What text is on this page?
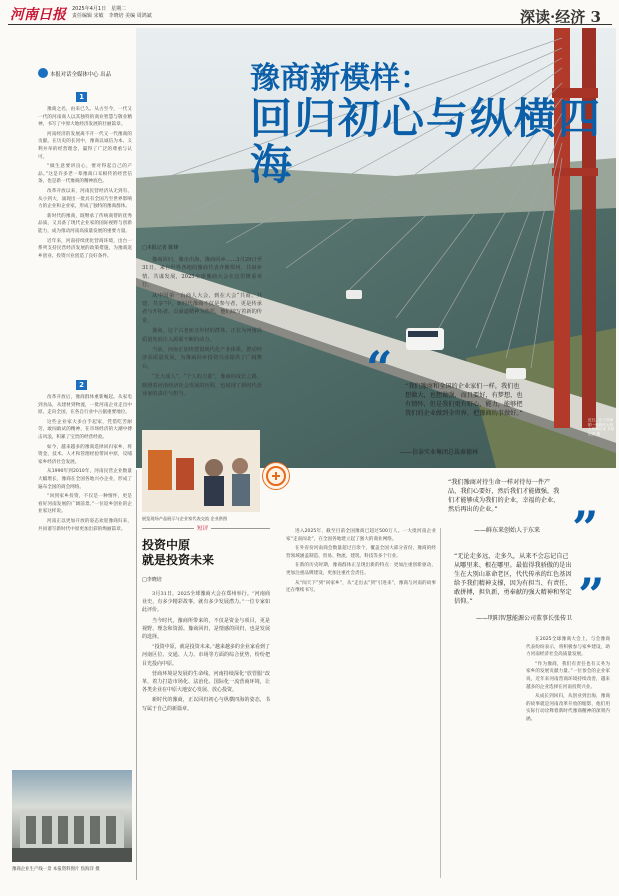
河南日报 2025年4月1日　星期二
责任编辑 宋敏　李晓培 美编 周鸿斌	深读·经济 3
近日，位于河南的一座跨河大桥上车辆往来 本报记者 摄
豫商新模样：
回归初心与纵横四海
本报对话全媒体中心 出品
1

豫商之名，由来已久。从古至今，一代又一代的河南商人以其独特的商业智慧与敬业精神，书写了中原大地经济发展的壮丽篇章。

河南经济的发展离不开一代又一代豫商的贡献。在历史的长河中，豫商以诚信为本、义利并举的经营理念，赢得了广泛的尊重与认可。

“做生意要讲良心，要对得起自己的产品。”这是许多老一辈豫商口耳相传的经营信条，也是新一代豫商的精神底色。

改革开放以来，河南民营经济从无到有、从小到大，涌现出一批具有全国乃至世界影响力的企业和企业家，形成了独特的豫商群体。

新时代的豫商，既继承了传统商帮的优秀品质，又具备了现代企业家的国际视野与创新能力，成为推动河南高质量发展的重要力量。

近年来，河南持续优化营商环境，出台一系列支持民营经济发展的政策措施，为豫商返乡创业、投资兴业创造了良好条件。

2

改革开放后，豫商群体重新崛起。从家电到食品，从建材到物流，一批河南企业走出中原、走向全国，在各自行业中占据重要地位。

这些企业家大多白手起家，凭借吃苦耐劳、敢闯敢试的精神，在市场经济的大潮中搏击风浪，积累了宝贵的经营经验。

如今，越来越多的豫商选择回归家乡，将资金、技术、人才和管理经验带回中原，反哺家乡经济社会发展。

从1990年到2010年，河南民营企业数量大幅增长，豫商在全国各地兴办企业，形成了遍布全国的商会网络。

“回到家乡投资，不仅是一种情怀，更是看好河南发展的广阔前景。”一位返乡创业的企业家这样说。

河南正以更加开放的姿态欢迎豫商归来，共同谱写新时代中原更加出彩的绚丽篇章。

豫商企业生产线一景 本报资料图片 焦海洋 摄
□本报记者 陈锋

豫商回归，豫企出海，豫商回乡……3月29日至31日，来自世界各地的豫商代表齐聚郑州，共叙乡情、共谋发展，2025全球豫商大会在这里隆重举行。

从中国第一台商人大会，到在大会“共商、共建、共享”中，新时代豫商不仅是参与者，更是传承者与开拓者。以商道精神为依托，他们续写着新的传奇。

豫商，这个古老而又年轻的群体，正在为河南高质量发展注入源源不断的动力。

当前，河南正加快建设现代化产业体系，推动经济高质量发展，为豫商回乡投资兴业提供了广阔舞台。

“长大成人”，“个人的力量”，豫商的成长之路，映照着河南经济社会发展的历程，也展现了新时代企业家的责任与担当。

展览现场产品展示与企业家代表交流 企业供图
短评
投资中原
就是投资未来
□李晓培

3月31日，2025全球豫商大会在郑州举行。“河南商业史，有多少精彩故事，就有多少发展潜力。”一位专家如此评价。

当今时代，豫商所带来的，不仅是资金与项目，更是视野、理念和资源。豫商回归，是情感的回归，也是发展的选择。

“投资中原，就是投资未来。”越来越多的企业家看到了河南区位、交通、人力、市场等方面的综合优势，纷纷把目光投向中原。

营商环境是发展的生命线。河南持续深化“放管服”改革，着力打造市场化、法治化、国际化一流营商环境，让各类企业在中原大地安心发展、放心投资。

新时代的豫商，正以回归初心与纵横四海的姿态，书写属于自己的新篇章。

“ “我们豫商和全国的企业家们一样，我们也想做大，也想做强，而且要好，有梦想，也有情怀，但是我们更有野心、能力，能够把我们的企业做到全世界，把豫商的事做好。”
——信泰实业集团总裁秦德林
“我们豫商对待生命一样对待每一件产品，我们心要好，然后我们才能做强，我们才能够成为我们的企业，幸福的企业，然后再出的企业。”
——鲜东来创始人于东来 ”
“无论走多远，走多久，从来不会忘记自己从哪里来、根在哪里。最值得我骄傲的是出生在大别山革命老区，代代传承的红色基因给予我们精神支撑，因为有担当、有责任、敢拼搏，担负新，勇奉献的强大精神和坚定信仰。”
——明阳智慧能源公司董事长张传卫 ”

进入2025年，截至目前全国豫商已超过500万人。一大批河南企业家“走南闯北”，在全国各地建立起了强大的商业网络。

在外省份河南商会数量超过百余个，覆盖全国大部分省份，豫商的经营领域涵盖制造、贸易、物流、建筑、科技等多个行业。

在新的历史时期，豫商群体正呈现出新的特点：更加注重创新驱动，更加注重品牌建设，更加注重社会责任。

从“闯天下”到“回家乡”，从“走出去”到“引进来”，豫商与河南的故事还在继续书写。

在2025全球豫商大会上，与会豫商代表纷纷表示，将积极参与家乡建设，助力河南经济社会高质量发展。

“作为豫商，我们有责任也有义务为家乡的发展贡献力量。”一位参会的企业家说，近年来河南营商环境持续改善，越来越多的企业选择在河南投资兴业。

从成长到回归，从创业到出海，豫商的故事就是河南改革开放的缩影，他们用实际行动诠释着新时代豫商精神的深刻内涵。
